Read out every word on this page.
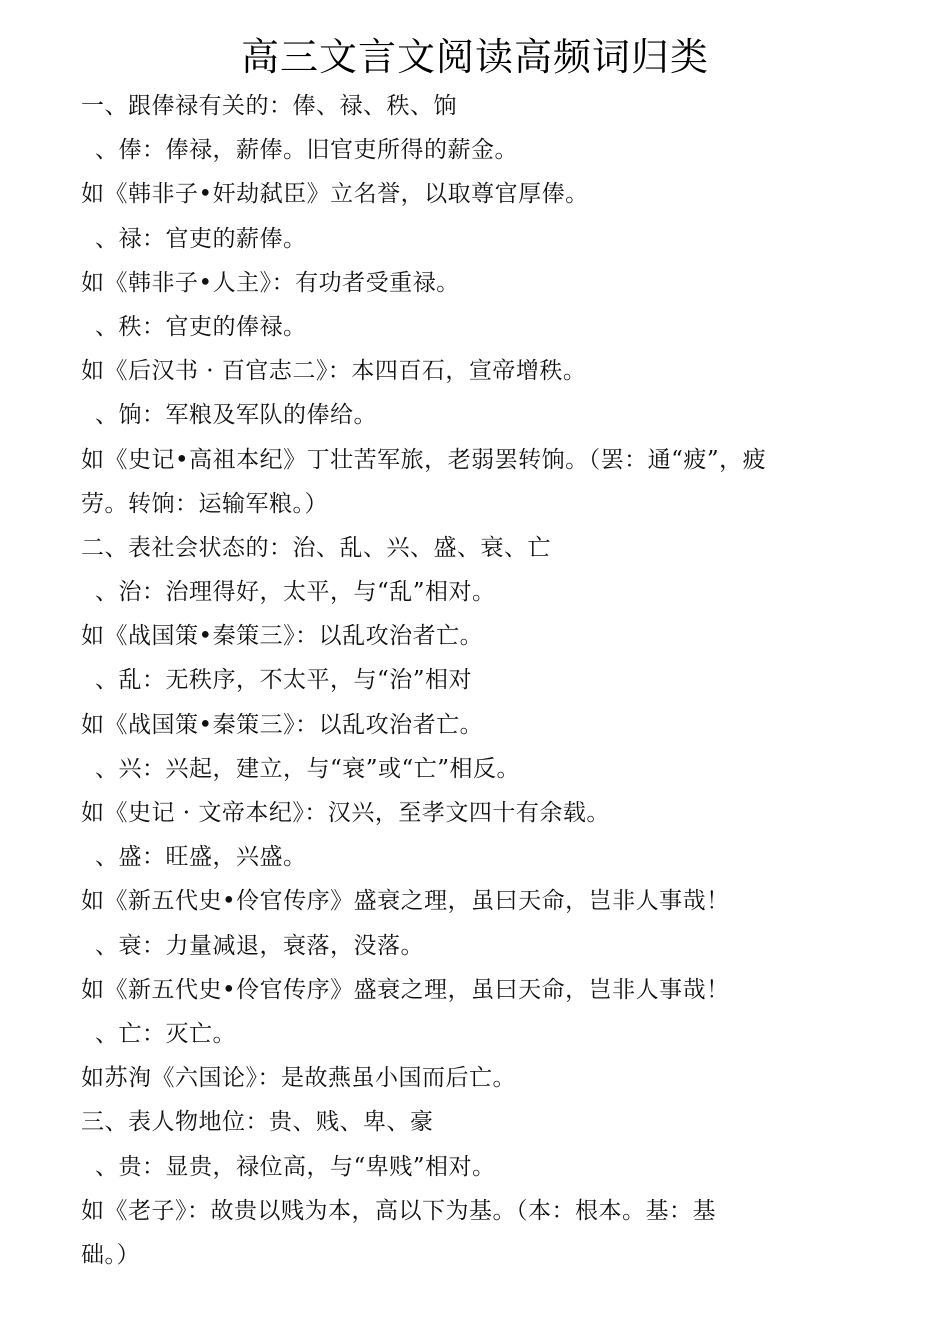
高三文言文阅读高频词归类
一、跟俸禄有关的：俸、禄、秩、饷
、俸：俸禄，薪俸。旧官吏所得的薪金。
如《韩非子•奸劫弑臣》立名誉，以取尊官厚俸。
、禄：官吏的薪俸。
如《韩非子•人主》：有功者受重禄。
、秩：官吏的俸禄。
如《后汉书 · 百官志二》：本四百石，宣帝增秩。
、饷：军粮及军队的俸给。
如《史记•高祖本纪》丁壮苦军旅，老弱罢转饷。（罢：通“疲”，疲
劳。转饷：运输军粮。）
二、表社会状态的：治、乱、兴、盛、衰、亡
、治：治理得好，太平，与“乱”相对。
如《战国策•秦策三》：以乱攻治者亡。
、乱：无秩序，不太平，与“治”相对
如《战国策•秦策三》：以乱攻治者亡。
、兴：兴起，建立，与“衰”或“亡”相反。
如《史记 · 文帝本纪》：汉兴，至孝文四十有余载。
、盛：旺盛，兴盛。
如《新五代史•伶官传序》盛衰之理，虽曰天命，岂非人事哉！
、衰：力量减退，衰落，没落。
如《新五代史•伶官传序》盛衰之理，虽曰天命，岂非人事哉！
、亡：灭亡。
如苏洵《六国论》：是故燕虽小国而后亡。
三、表人物地位：贵、贱、卑、豪
、贵：显贵，禄位高，与“卑贱”相对。
如《老子》：故贵以贱为本，高以下为基。（本：根本。基：基
础。）
